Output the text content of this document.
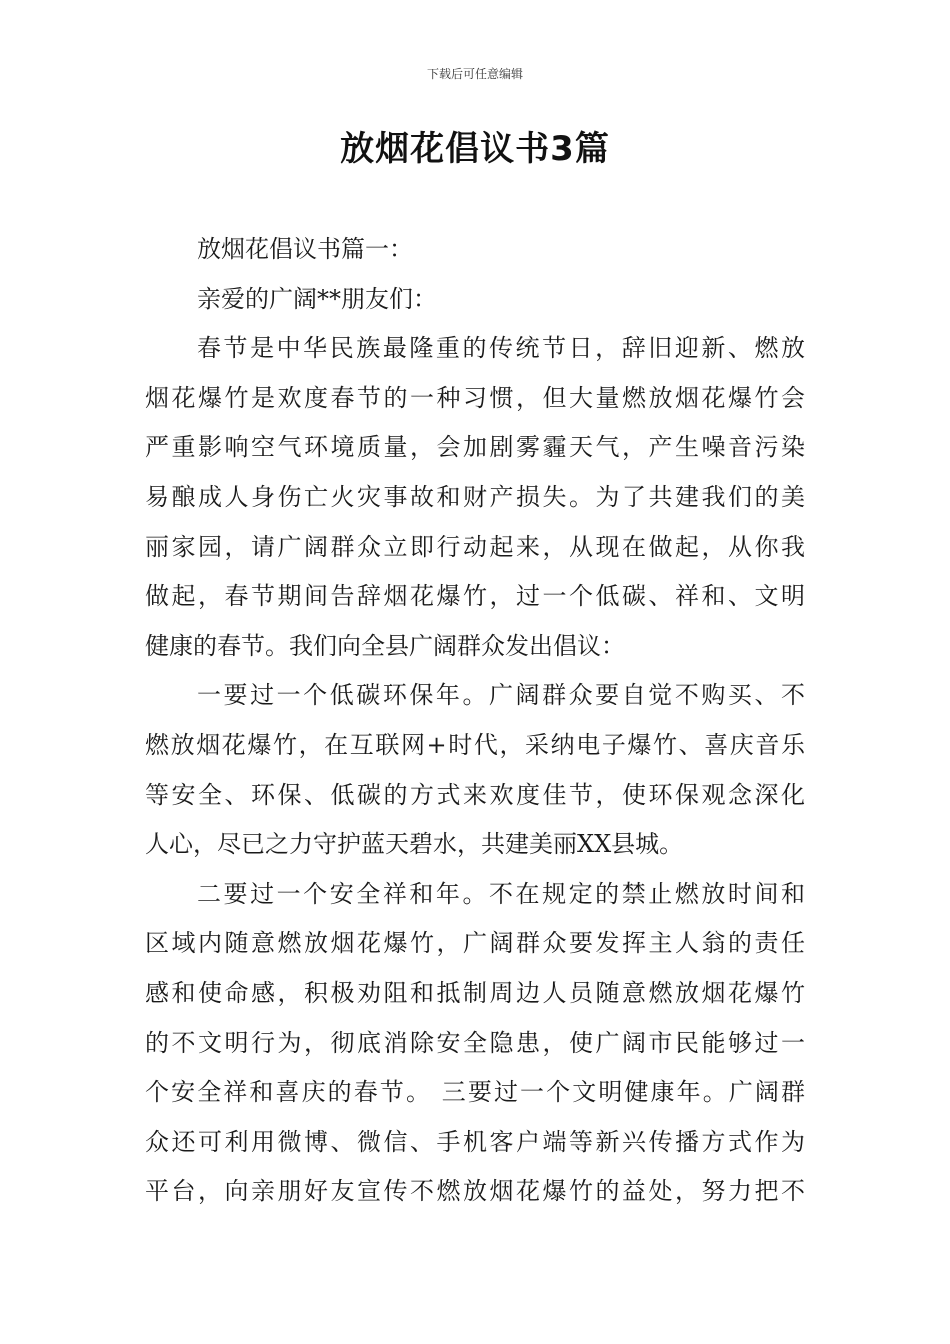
下载后可任意编辑
放烟花倡议书3篇
放烟花倡议书篇一：
亲爱的广阔**朋友们：
春节是中华民族最隆重的传统节日，辞旧迎新、燃放
烟花爆竹是欢度春节的一种习惯，但大量燃放烟花爆竹会
严重影响空气环境质量，会加剧雾霾天气，产生噪音污染
易酿成人身伤亡火灾事故和财产损失。为了共建我们的美
丽家园，请广阔群众立即行动起来，从现在做起，从你我
做起，春节期间告辞烟花爆竹，过一个低碳、祥和、文明
健康的春节。我们向全县广阔群众发出倡议：
一要过一个低碳环保年。广阔群众要自觉不购买、不
燃放烟花爆竹，在互联网+时代，采纳电子爆竹、喜庆音乐
等安全、环保、低碳的方式来欢度佳节，使环保观念深化
人心，尽已之力守护蓝天碧水，共建美丽XX县城。
二要过一个安全祥和年。不在规定的禁止燃放时间和
区域内随意燃放烟花爆竹，广阔群众要发挥主人翁的责任
感和使命感，积极劝阻和抵制周边人员随意燃放烟花爆竹
的不文明行为，彻底消除安全隐患，使广阔市民能够过一
个安全祥和喜庆的春节。 三要过一个文明健康年。广阔群
众还可利用微博、微信、手机客户端等新兴传播方式作为
平台，向亲朋好友宣传不燃放烟花爆竹的益处，努力把不
